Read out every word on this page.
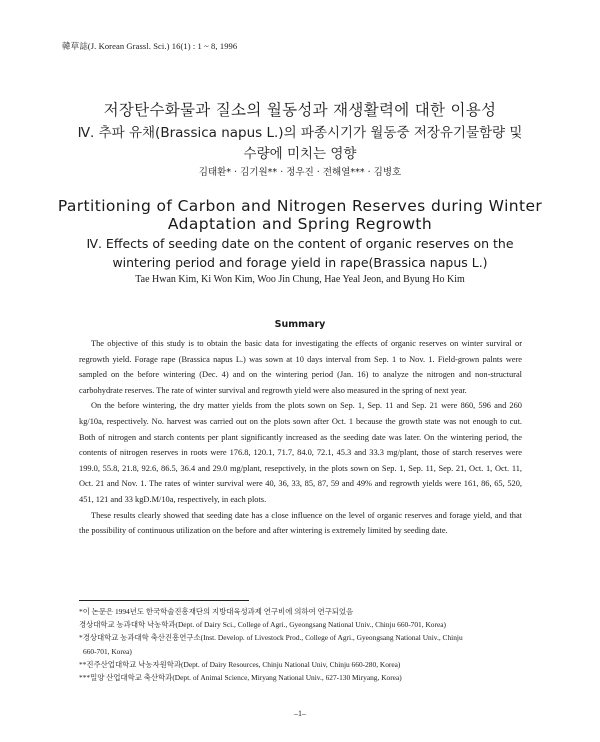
韓草誌(J. Korean Grassl. Sci.) 16(1) : 1 ~ 8, 1996
저장탄수화물과 질소의 월동성과 재생활력에 대한 이용성
Ⅳ. 추파 유채(Brassica napus L.)의 파종시기가 월동중 저장유기물함량 및
수량에 미치는 영향
김태환* · 김기원** · 정우진 · 전해열*** · 김병호
Partitioning of Carbon and Nitrogen Reserves during Winter
Adaptation and Spring Regrowth
Ⅳ. Effects of seeding date on the content of organic reserves on the
wintering period and forage yield in rape(Brassica napus L.)
Tae Hwan Kim, Ki Won Kim, Woo Jin Chung, Hae Yeal Jeon, and Byung Ho Kim
Summary

The objective of this study is to obtain the basic data for investigating the effects of organic reserves on winter surviral or regrowth yield. Forage rape (Brassica napus L.) was sown at 10 days interval from Sep. 1 to Nov. 1. Field-grown palnts were sampled on the before wintering (Dec. 4) and on the wintering period (Jan. 16) to analyze the nitrogen and non-structural carbohydrate reserves. The rate of winter survival and regrowth yield were also measured in the spring of next year.

On the before wintering, the dry matter yields from the plots sown on Sep. 1, Sep. 11 and Sep. 21 were 860, 596 and 260 kg/10a, respectively. No. harvest was carried out on the plots sown after Oct. 1 because the growth state was not enough to cut. Both of nitrogen and starch contents per plant significantly increased as the seeding date was later. On the wintering period, the contents of nitrogen reserves in roots were 176.8, 120.1, 71.7, 84.0, 72.1, 45.3 and 33.3 mg/plant, those of starch reserves were 199.0, 55.8, 21.8, 92.6, 86.5, 36.4 and 29.0 mg/plant, resepctively, in the plots sown on Sep. 1, Sep. 11, Sep. 21, Oct. 1, Oct. 11, Oct. 21 and Nov. 1. The rates of winter survival were 40, 36, 33, 85, 87, 59 and 49% and regrowth yields were 161, 86, 65, 520, 451, 121 and 33 kgD.M/10a, respectively, in each plots.

These results clearly showed that seeding date has a close influence on the level of organic reserves and forage yield, and that the possibility of continuous utilization on the before and after wintering is extremely limited by seeding date.

*이 논문은 1994년도 한국학술진흥재단의 지방대육성과제 연구비에 의하여 연구되었음

경상대학교 농과대학 낙농학과(Dept. of Dairy Sci., College of Agri., Gyeongsang National Univ., Chinju 660-701, Korea)

*경상대학교 농과대학 축산진흥연구소(Inst. Develop. of Livestock Prod., College of Agri., Gyeongsang National Univ., Chinju

660-701, Korea)

**진주산업대학교 낙농자원학과(Dept. of Dairy Resources, Chinju National Univ, Chinju 660-280, Korea)

***밀양 산업대학교 축산학과(Dept. of Animal Science, Miryang National Univ., 627-130 Miryang, Korea)

–1–
